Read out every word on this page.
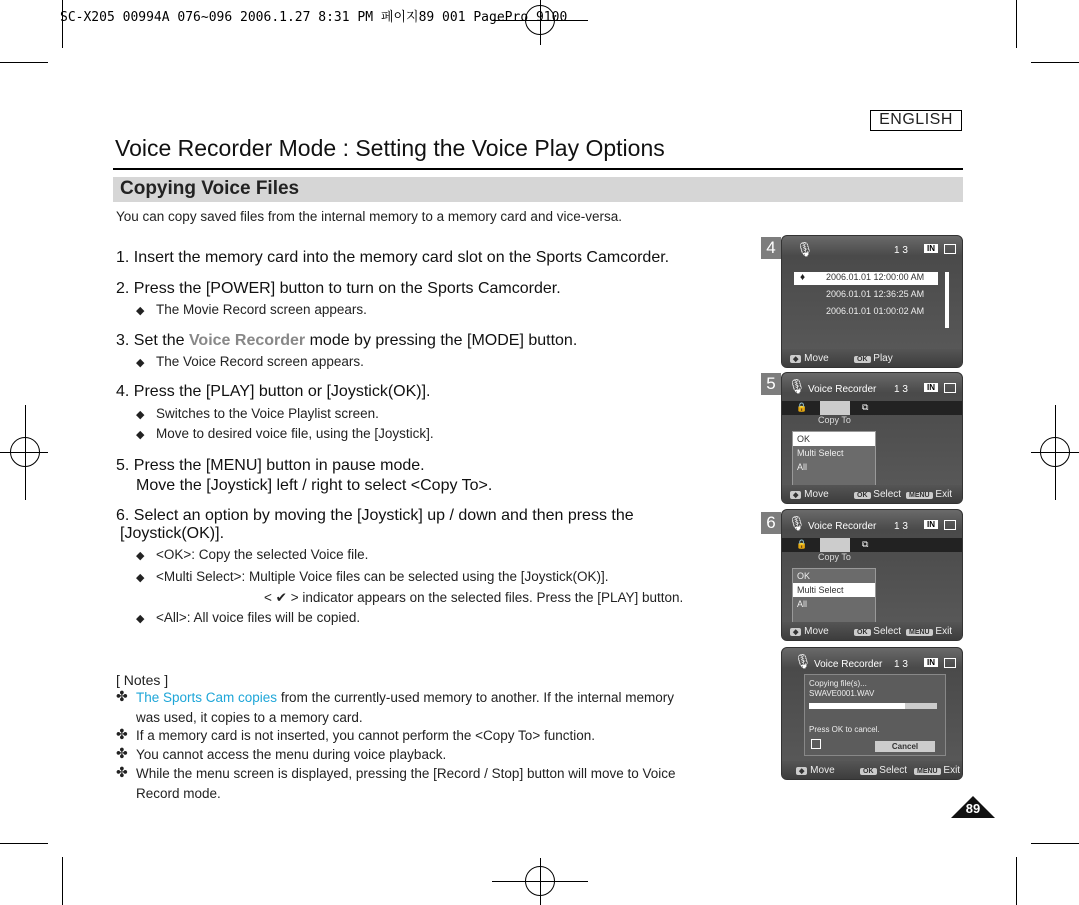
SC-X205 00994A 076~096 2006.1.27 8:31 PM 페이지89 001 PagePro 9100
ENGLISH
Voice Recorder Mode : Setting the Voice Play Options
Copying Voice Files
You can copy saved files from the internal memory to a memory card and vice-versa.
1. Insert the memory card into the memory card slot on the Sports Camcorder.
2. Press the [POWER] button to turn on the Sports Camcorder.
◆ The Movie Record screen appears.
3. Set the Voice Recorder mode by pressing the [MODE] button.
◆ The Voice Record screen appears.
4. Press the [PLAY] button or [Joystick(OK)].
◆ Switches to the Voice Playlist screen.
◆ Move to desired voice file, using the [Joystick].
5. Press the [MENU] button in pause mode.
Move the [Joystick] left / right to select <Copy To>.
6. Select an option by moving the [Joystick] up / down and then press the
[Joystick(OK)].
◆ <OK>: Copy the selected Voice file.
◆ <Multi Select>: Multiple Voice files can be selected using the [Joystick(OK)].
< ✔ > indicator appears on the selected files. Press the [PLAY] button.
◆ <All>: All voice files will be copied.
[ Notes ]
✤ The Sports Cam copies from the currently-used memory to another. If the internal memory
was used, it copies to a memory card.
✤ If a memory card is not inserted, you cannot perform the <Copy To> function.
✤ You cannot access the menu during voice playback.
✤ While the menu screen is displayed, pressing the [Record / Stop] button will move to Voice
Record mode.
4	🎙	1 3	IN
2006.01.01 12:00:00 AM
♦
2006.01.01 12:36:25 AM
2006.01.01 01:00:02 AM
◆ Move	OK Play
5 🎙 Voice Recorder 1 3	IN
🔒	⧉
Copy To
OK
Multi Select
All
◆ Move	OK Select	MENU Exit
6 🎙 Voice Recorder 1 3	IN
🔒	⧉
Copy To
OK
Multi Select
All
◆ Move	OK Select	MENU Exit
🎙 Voice Recorder 1 3	IN
Copying file(s)...
SWAVE0001.WAV
Press OK to cancel.
Cancel
◆ Move	OK Select	MENU Exit
89
